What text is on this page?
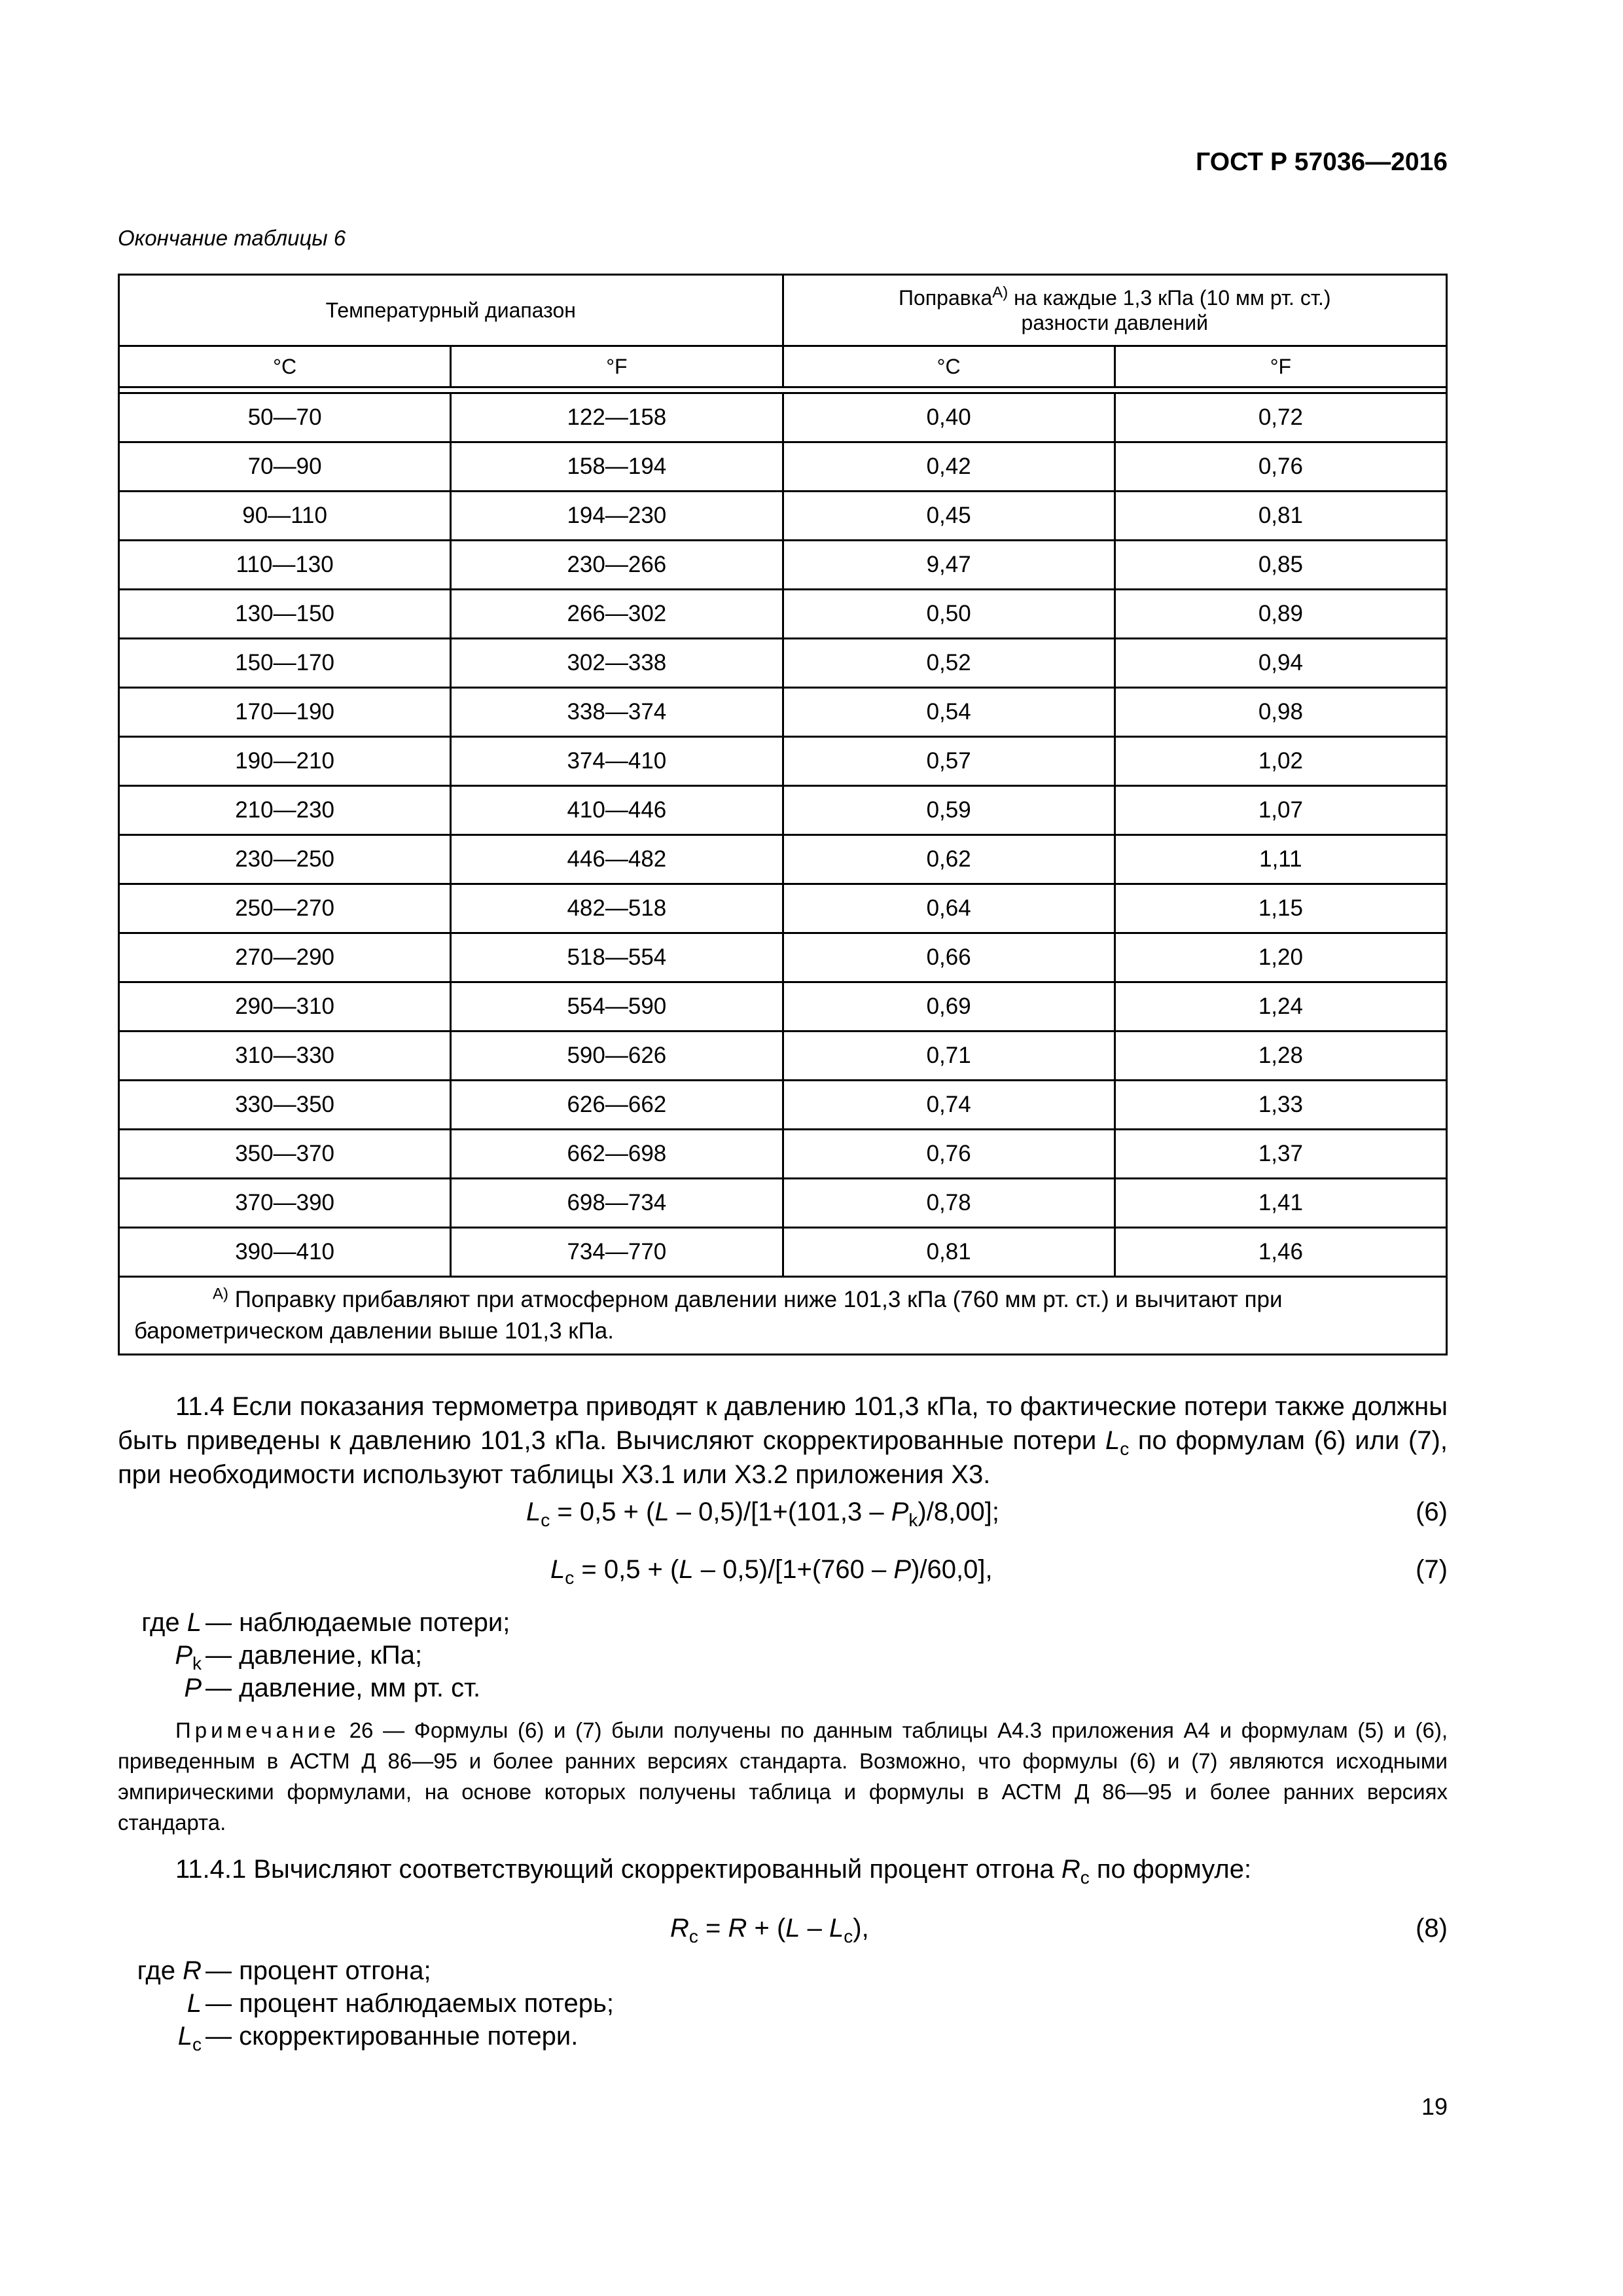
ГОСТ Р 57036—2016
Окончание таблицы 6
Температурный диапазон		Поправка$^{А)}$ на каждые 1,3 кПа (10 мм рт. ст.)
разности давлений	
°C	°F	°C	°F

50—70	122—158	0,40	0,72
70—90	158—194	0,42	0,76
90—110	194—230	0,45	0,81
110—130	230—266	9,47	0,85
130—150	266—302	0,50	0,89
150—170	302—338	0,52	0,94
170—190	338—374	0,54	0,98
190—210	374—410	0,57	1,02
210—230	410—446	0,59	1,07
230—250	446—482	0,62	1,11
250—270	482—518	0,64	1,15
270—290	518—554	0,66	1,20
290—310	554—590	0,69	1,24
310—330	590—626	0,71	1,28
330—350	626—662	0,74	1,33
350—370	662—698	0,76	1,37
370—390	698—734	0,78	1,41
390—410	734—770	0,81	1,46

$^{А)}$ Поправку прибавляют при атмосферном давлении ниже 101,3 кПа (760 мм рт. ст.) и вычитают при барометрическом давлении выше 101,3 кПа.			
11.4 Если показания термометра приводят к давлению 101,3 кПа, то фактические потери также должны быть приведены к давлению 101,3 кПа. Вычисляют скорректированные потери $L_c$ по формулам (6) или (7), при необходимости используют таблицы Х3.1 или Х3.2 приложения Х3.
$L_c = 0,5 + (L - 0,5)/[1+(101,3 - P_k)/8,00]$;	(6)
$L_c = 0,5 + (L - 0,5)/[1+(760 - P)/60,0]$,	(7)
где L — наблюдаемые потери;
$P_k$ — давление, кПа;
P — давление, мм рт. ст.
Примечание 26 — Формулы (6) и (7) были получены по данным таблицы А4.3 приложения А4 и формулам (5) и (6), приведенным в АСТМ Д 86—95 и более ранних версиях стандарта. Возможно, что формулы (6) и (7) являются исходными эмпирическими формулами, на основе которых получены таблица и формулы в АСТМ Д 86—95 и более ранних версиях стандарта.
11.4.1 Вычисляют соответствующий скорректированный процент отгона $R_c$ по формуле:
$R_c = R + (L - L_c)$,	(8)
где R — процент отгона;
L — процент наблюдаемых потерь;
$L_c$ — скорректированные потери.
19
